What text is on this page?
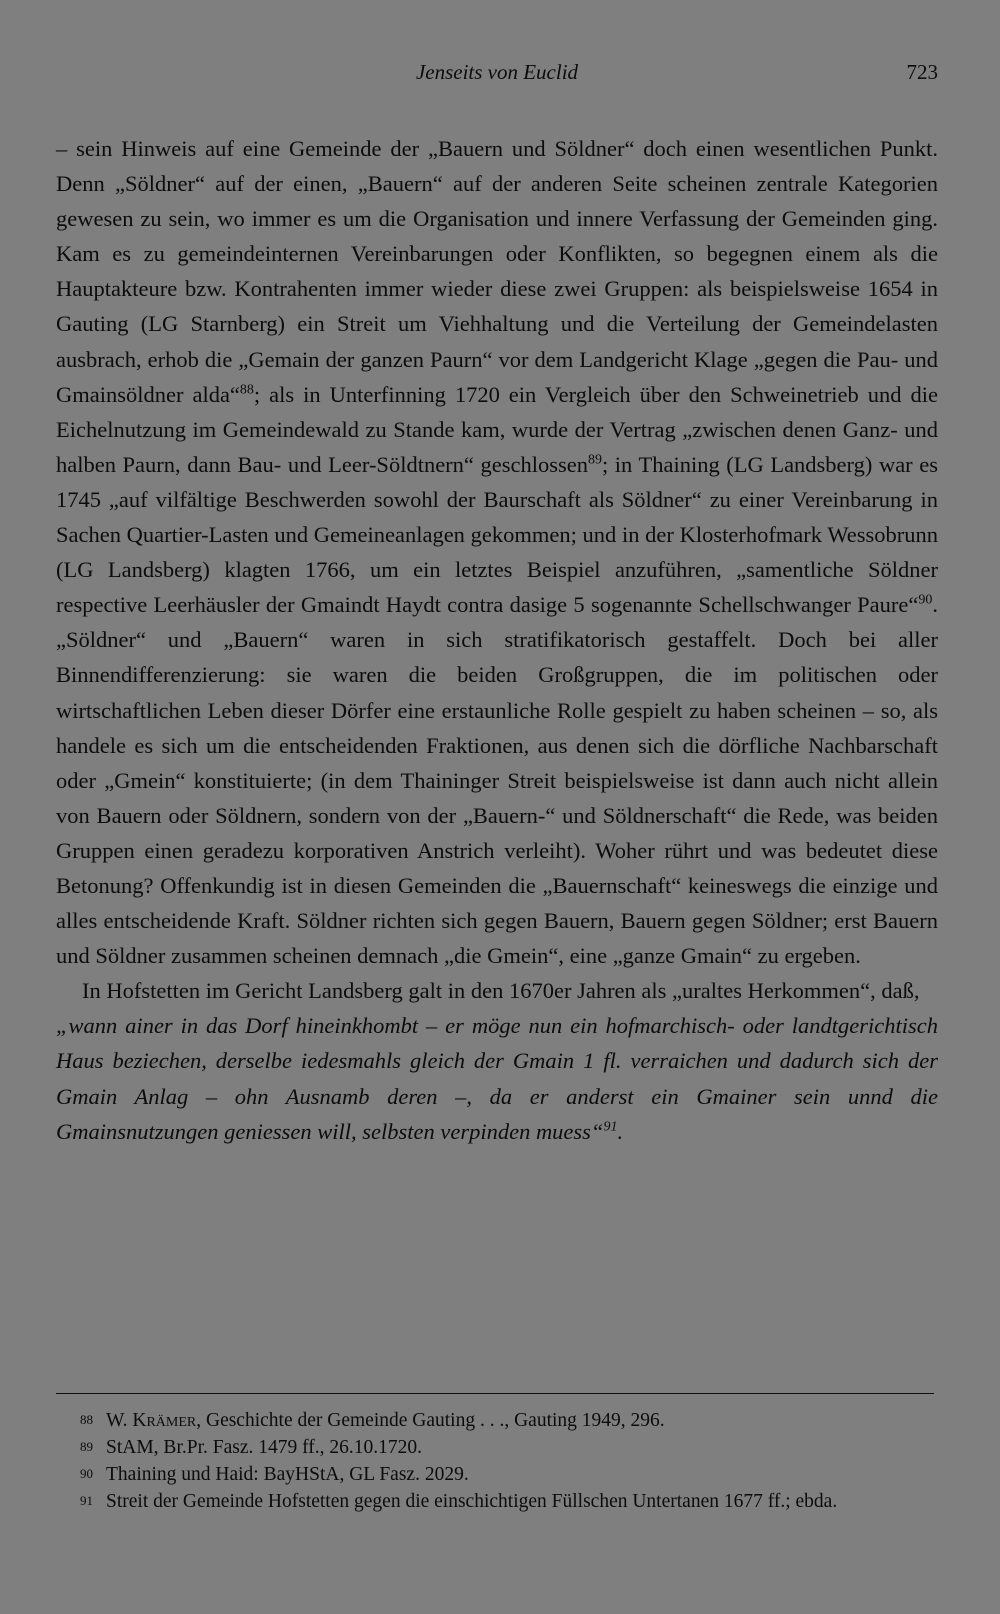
Jenseits von Euclid	723

– sein Hinweis auf eine Gemeinde der „Bauern und Söldner“ doch einen wesentlichen Punkt. Denn „Söldner“ auf der einen, „Bauern“ auf der anderen Seite scheinen zentrale Kategorien gewesen zu sein, wo immer es um die Organisation und innere Verfassung der Gemeinden ging. Kam es zu gemeindeinternen Vereinbarungen oder Konflikten, so begegnen einem als die Hauptakteure bzw. Kontrahenten immer wieder diese zwei Gruppen: als beispielsweise 1654 in Gauting (LG Starnberg) ein Streit um Viehhaltung und die Verteilung der Gemeindelasten ausbrach, erhob die „Gemain der ganzen Paurn“ vor dem Landgericht Klage „gegen die Pau- und Gmainsöldner alda“$^{88}$; als in Unterfinning 1720 ein Vergleich über den Schweinetrieb und die Eichelnutzung im Gemeindewald zu Stande kam, wurde der Vertrag „zwischen denen Ganz- und halben Paurn, dann Bau- und Leer-Söldtnern“ geschlossen$^{89}$; in Thaining (LG Landsberg) war es 1745 „auf vilfältige Beschwerden sowohl der Baurschaft als Söldner“ zu einer Vereinbarung in Sachen Quartier-Lasten und Gemeineanlagen gekommen; und in der Klosterhofmark Wessobrunn (LG Landsberg) klagten 1766, um ein letztes Beispiel anzuführen, „samentliche Söldner respective Leerhäusler der Gmaindt Haydt contra dasige 5 sogenannte Schellschwanger Paure“$^{90}$. „Söldner“ und „Bauern“ waren in sich stratifikatorisch gestaffelt. Doch bei aller Binnendifferenzierung: sie waren die beiden Großgruppen, die im politischen oder wirtschaftlichen Leben dieser Dörfer eine erstaunliche Rolle gespielt zu haben scheinen – so, als handele es sich um die entscheidenden Fraktionen, aus denen sich die dörfliche Nachbarschaft oder „Gmein“ konstituierte; (in dem Thaininger Streit beispielsweise ist dann auch nicht allein von Bauern oder Söldnern, sondern von der „Bauern-“ und Söldnerschaft“ die Rede, was beiden Gruppen einen geradezu korporativen Anstrich verleiht). Woher rührt und was bedeutet diese Betonung? Offenkundig ist in diesen Gemeinden die „Bauernschaft“ keineswegs die einzige und alles entscheidende Kraft. Söldner richten sich gegen Bauern, Bauern gegen Söldner; erst Bauern und Söldner zusammen scheinen demnach „die Gmein“, eine „ganze Gmain“ zu ergeben.

In Hofstetten im Gericht Landsberg galt in den 1670er Jahren als „uraltes Herkommen“, daß,

„wann ainer in das Dorf hineinkhombt – er möge nun ein hofmarchisch- oder landtgerichtisch Haus beziechen, derselbe iedesmahls gleich der Gmain 1 fl. verraichen und dadurch sich der Gmain Anlag – ohn Ausnamb deren –, da er anderst ein Gmainer sein unnd die Gmainsnutzungen geniessen will, selbsten verpinden muess“$^{91}$.

88 W. Krämer, Geschichte der Gemeinde Gauting . . ., Gauting 1949, 296.

89 StAM, Br.Pr. Fasz. 1479 ff., 26.10.1720.

90 Thaining und Haid: BayHStA, GL Fasz. 2029.

91 Streit der Gemeinde Hofstetten gegen die einschichtigen Füllschen Untertanen 1677 ff.; ebda.
